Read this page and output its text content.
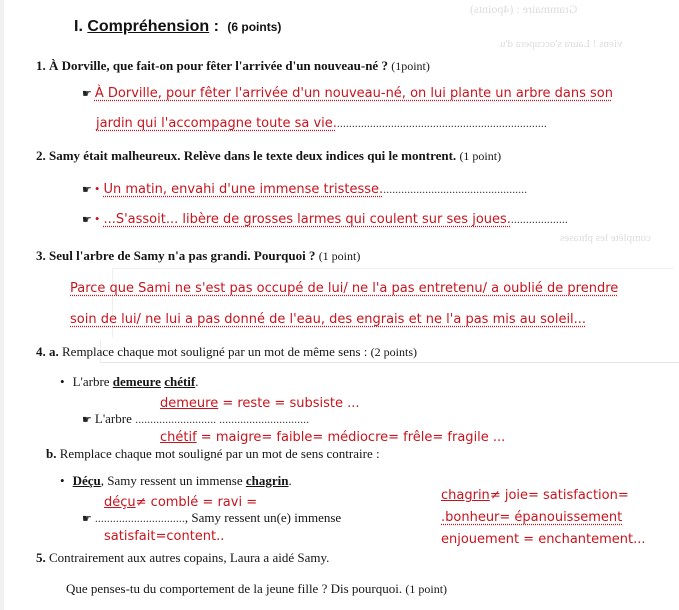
Grammaire : (4points)
viens ! Laura s'occupera d'u
complète les phrases
I. Compréhension : (6 points)
1. À Dorville, que fait-on pour fêter l'arrivée d'un nouveau-né ? (1point)
☛ À Dorville, pour fêter l'arrivée d'un nouveau-né, on lui plante un arbre dans son
jardin qui l'accompagne toute sa vie.......................................................................
2. Samy était malheureux. Relève dans le texte deux indices qui le montrent. (1 point)
☛ • Un matin, envahi d'une immense tristesse.................................................
☛ • ...S'assoit... libère de grosses larmes qui coulent sur ses joues....................
3. Seul l'arbre de Samy n'a pas grandi. Pourquoi ? (1 point)
Parce que Sami ne s'est pas occupé de lui/ ne l'a pas entretenu/ a oublié de prendre
soin de lui/ ne lui a pas donné de l'eau, des engrais et ne l'a pas mis au soleil...
4. a. Remplace chaque mot souligné par un mot de même sens : (2 points)
• L'arbre demeure chétif.
demeure = reste = subsiste ...
☛ L'arbre ........................... ..............................
chétif = maigre= faible= médiocre= frêle= fragile ...
b. Remplace chaque mot souligné par un mot de sens contraire :
• Déçu, Samy ressent un immense chagrin.
déçu≠ comblé = ravi =
☛ .............................., Samy ressent un(e) immense
satisfait=content..
chagrin≠ joie= satisfaction=
.bonheur= épanouissement
enjouement = enchantement...
5. Contrairement aux autres copains, Laura a aidé Samy.
Que penses-tu du comportement de la jeune fille ? Dis pourquoi. (1 point)
